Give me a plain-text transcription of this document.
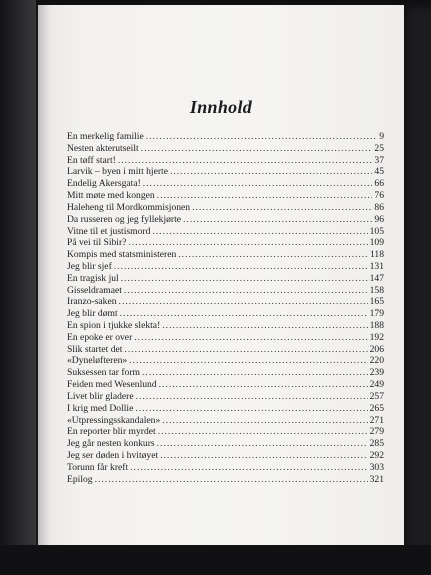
Innhold
En merkelig familie .....	9
Nesten akterutseilt .....	25
En tøff start! .....	37
Larvik – byen i mitt hjerte .....	45
Endelig Akersgata! .....	66
Mitt møte med kongen .....	76
Haleheng til Mordkommisjonen .....	86
Da russeren og jeg fyllekjørte .....	96
Vitne til et justismord .....	105
På vei til Sibir? .....	109
Kompis med statsministeren .....	118
Jeg blir sjef .....	131
En tragisk jul .....	147
Gisseldramaet .....	158
Iranzo-saken .....	165
Jeg blir dømt .....	179
En spion i tjukke slekta! .....	188
En epoke er over .....	192
Slik startet det .....	206
«Dyneløfteren» .....	220
Suksessen tar form .....	239
Feiden med Wesenlund .....	249
Livet blir gladere .....	257
I krig med Dollie .....	265
«Utpressingsskandalen» .....	271
En reporter blir myrdet .....	279
Jeg går nesten konkurs .....	285
Jeg ser døden i hvitøyet .....	292
Torunn får kreft .....	303
Epilog .....	321
